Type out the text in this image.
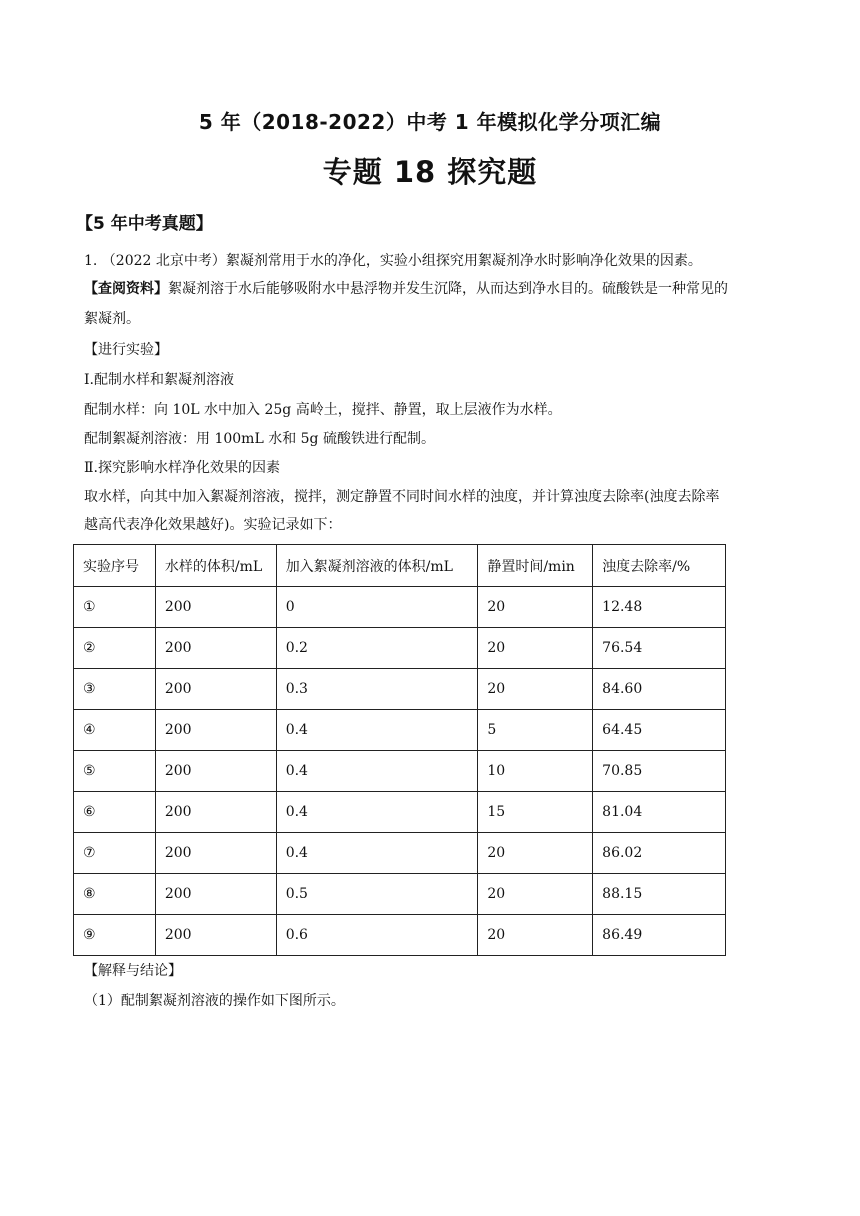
5 年（2018-2022）中考 1 年模拟化学分项汇编
专题 18 探究题
【5 年中考真题】
1. （2022 北京中考）絮凝剂常用于水的净化，实验小组探究用絮凝剂净水时影响净化效果的因素。
【查阅资料】絮凝剂溶于水后能够吸附水中悬浮物并发生沉降，从而达到净水目的。硫酸铁是一种常见的
絮凝剂。
【进行实验】
Ⅰ.配制水样和絮凝剂溶液
配制水样：向 10L 水中加入 25g 高岭土，搅拌、静置，取上层液作为水样。
配制絮凝剂溶液：用 100mL 水和 5g 硫酸铁进行配制。
Ⅱ.探究影响水样净化效果的因素
取水样，向其中加入絮凝剂溶液，搅拌，测定静置不同时间水样的浊度，并计算浊度去除率(浊度去除率
越高代表净化效果越好)。实验记录如下：
实验序号	水样的体积/mL	加入絮凝剂溶液的体积/mL	静置时间/min	浊度去除率/%
①	200	0	20	12.48
②	200	0.2	20	76.54
③	200	0.3	20	84.60
④	200	0.4	5	64.45
⑤	200	0.4	10	70.85
⑥	200	0.4	15	81.04
⑦	200	0.4	20	86.02
⑧	200	0.5	20	88.15
⑨	200	0.6	20	86.49
【解释与结论】
（1）配制絮凝剂溶液的操作如下图所示。
